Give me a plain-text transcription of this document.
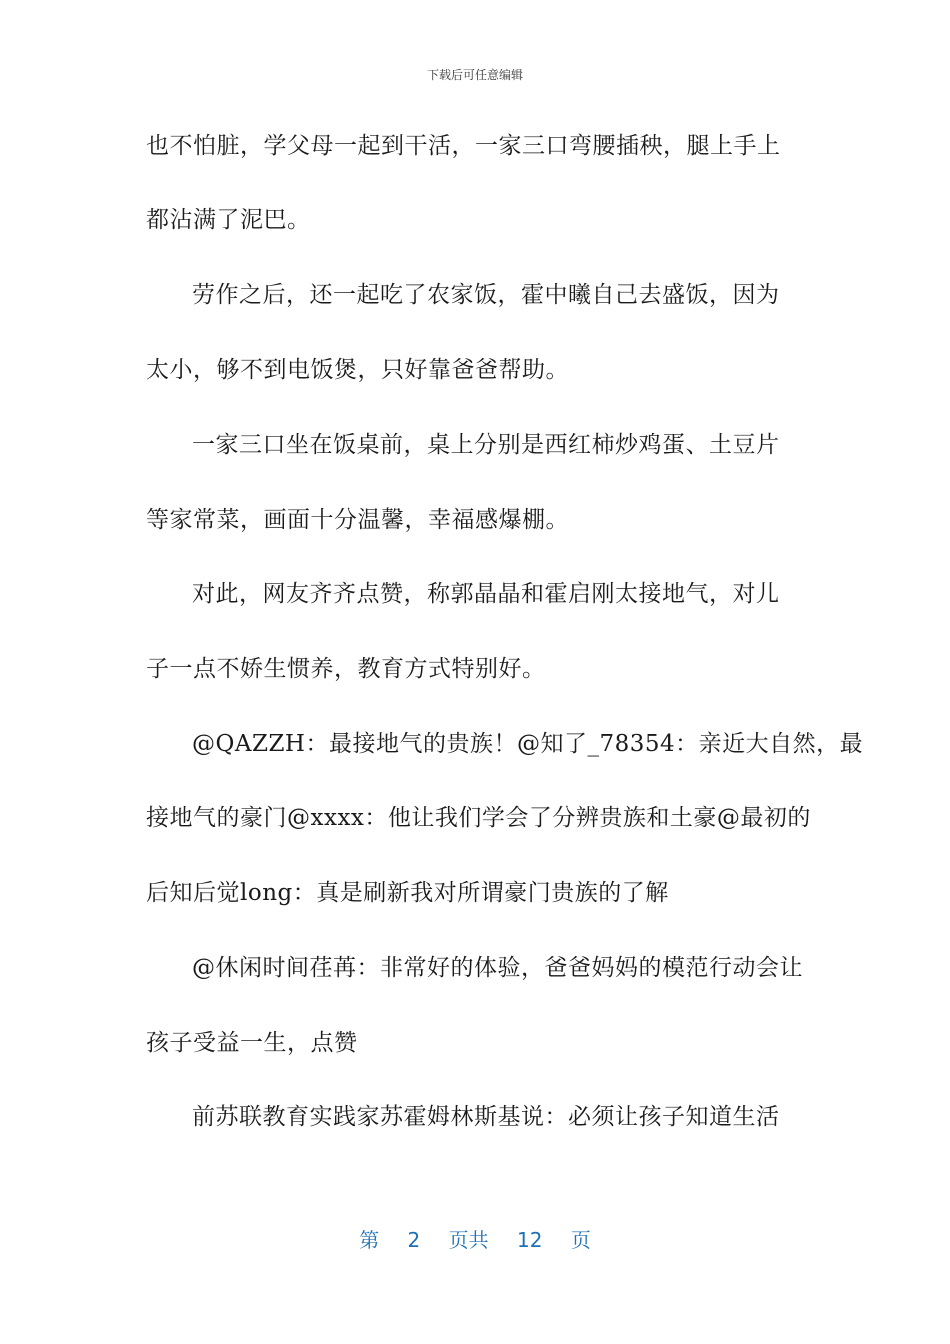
下载后可任意编辑
也不怕脏，学父母一起到干活，一家三口弯腰插秧，腿上手上
都沾满了泥巴。
劳作之后，还一起吃了农家饭，霍中曦自己去盛饭，因为
太小，够不到电饭煲，只好靠爸爸帮助。
一家三口坐在饭桌前，桌上分别是西红柿炒鸡蛋、土豆片
等家常菜，画面十分温馨，幸福感爆棚。
对此，网友齐齐点赞，称郭晶晶和霍启刚太接地气，对儿
子一点不娇生惯养，教育方式特别好。
@QAZZH：最接地气的贵族！@知了_78354：亲近大自然，最
接地气的豪门@xxxx：他让我们学会了分辨贵族和土豪@最初的
后知后觉long：真是刷新我对所谓豪门贵族的了解
@休闲时间荏苒：非常好的体验，爸爸妈妈的模范行动会让
孩子受益一生，点赞
前苏联教育实践家苏霍姆林斯基说：必须让孩子知道生活
第 2 页共 12 页
